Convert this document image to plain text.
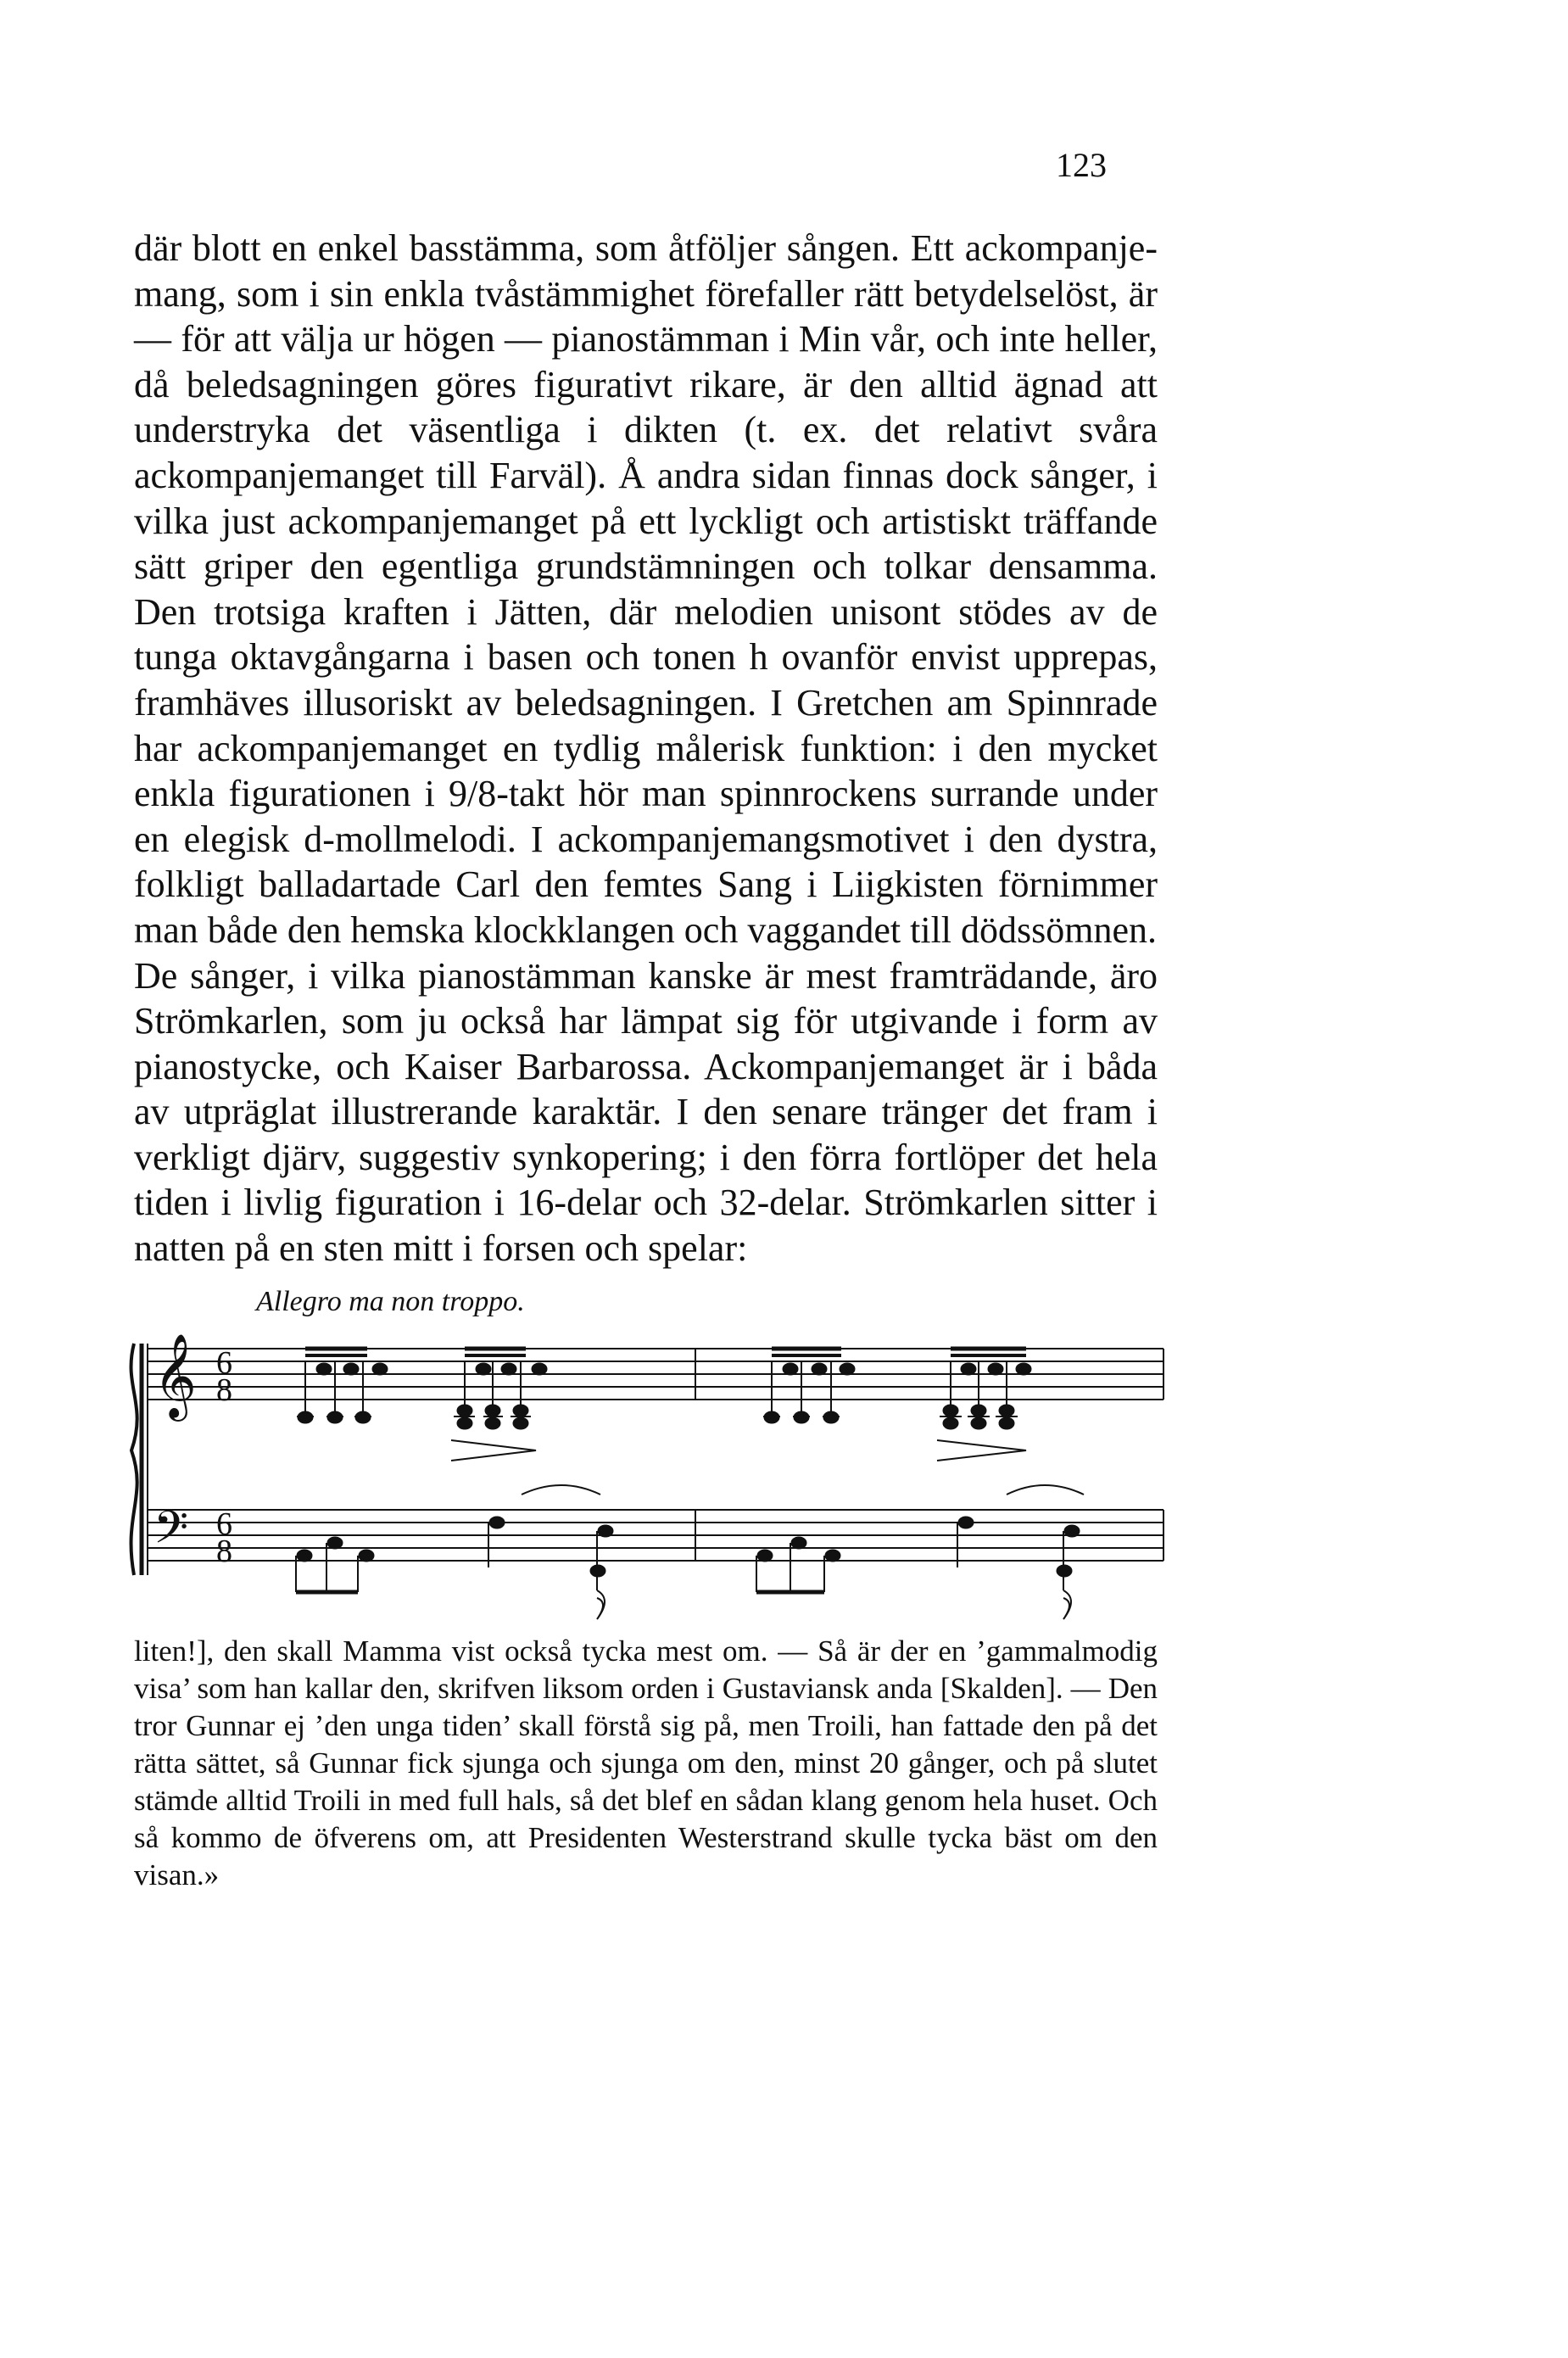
123

där blott en enkel basstämma, som åtföljer sången. Ett ackompanjemang, som i sin enkla tvåstämmighet förefaller rätt betydelselöst, är — för att välja ur högen — pianostämman i Min vår, och inte heller, då beledsagningen göres figurativt rikare, är den alltid ägnad att understryka det väsentliga i dikten (t. ex. det relativt svåra ackompanjemanget till Farväl). Å andra sidan finnas dock sånger, i vilka just ackompanjemanget på ett lyckligt och artistiskt träffande sätt griper den egentliga grundstämningen och tolkar densamma. Den trotsiga kraften i Jätten, där melodien unisont stödes av de tunga oktavgångarna i basen och tonen h ovanför envist upprepas, framhäves illusoriskt av beledsagningen. I Gretchen am Spinnrade har ackompanjemanget en tydlig målerisk funktion: i den mycket enkla figurationen i 9/8-takt hör man spinnrockens surrande under en elegisk d-mollmelodi. I ackompanjemangsmotivet i den dystra, folkligt balladartade Carl den femtes Sang i Liigkisten förnimmer man både den hemska klockklangen och vaggandet till dödssömnen.

De sånger, i vilka pianostämman kanske är mest framträdande, äro Strömkarlen, som ju också har lämpat sig för utgivande i form av pianostycke, och Kaiser Barbarossa. Ackompanjemanget är i båda av utpräglat illustrerande karaktär. I den senare tränger det fram i verkligt djärv, suggestiv synkopering; i den förra fortlöper det hela tiden i livlig figuration i 16-delar och 32-delar. Strömkarlen sitter i natten på en sten mitt i forsen och spelar:

Allegro ma non troppo.
𝄞
𝄢
6
8
6
8

liten!], den skall Mamma vist också tycka mest om. — Så är der en ’gammalmodig visa’ som han kallar den, skrifven liksom orden i Gustaviansk anda [Skalden]. — Den tror Gunnar ej ’den unga tiden’ skall förstå sig på, men Troili, han fattade den på det rätta sättet, så Gunnar fick sjunga och sjunga om den, minst 20 gånger, och på slutet stämde alltid Troili in med full hals, så det blef en sådan klang genom hela huset. Och så kommo de öfverens om, att Presidenten Westerstrand skulle tycka bäst om den visan.»
